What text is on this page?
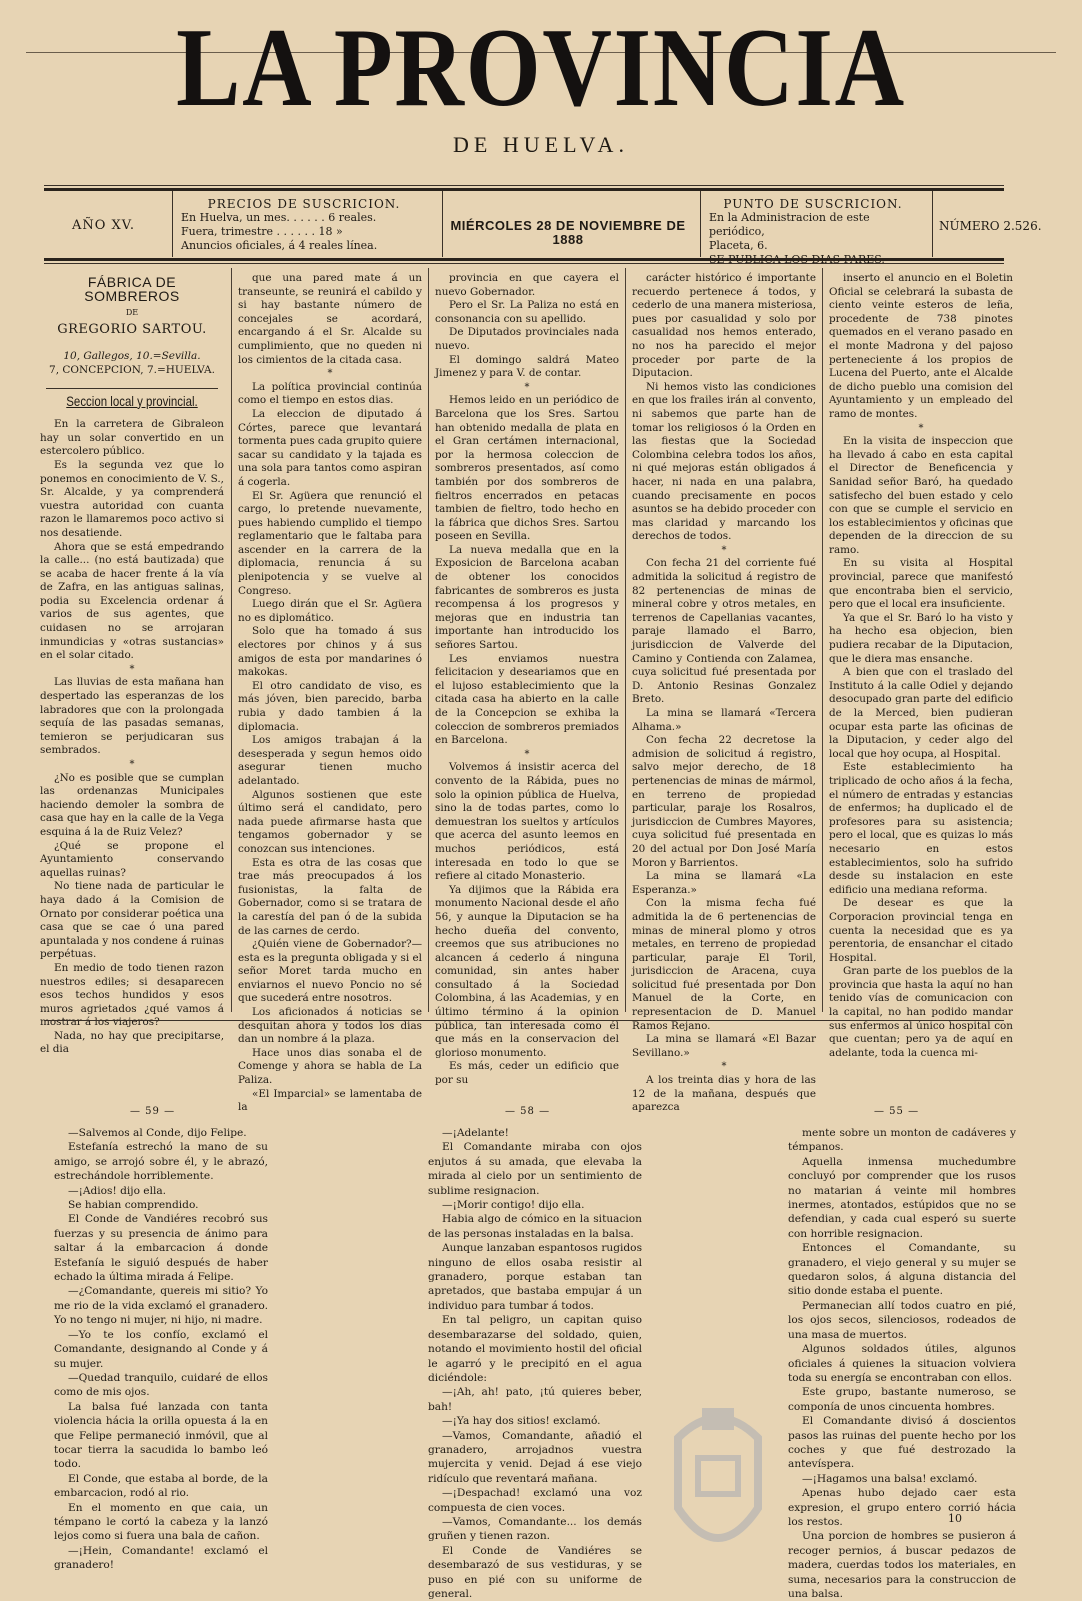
LA PROVINCIA
DE HUELVA.
AÑO XV.
PRECIOS DE SUSCRICION.
En Huelva, un mes. . . . . . 6 reales.
Fuera, trimestre . . . . . . 18 »
Anuncios oficiales, á 4 reales línea.
MIÉRCOLES 28 DE NOVIEMBRE DE 1888
PUNTO DE SUSCRICION.
En la Administracion de este periódico,
Placeta, 6.
SE PUBLICA LOS DIAS PARES.
NÚMERO 2.526.
FÁBRICA DE SOMBREROS
DE
GREGORIO SARTOU.
10, Gallegos, 10.=Sevilla.
7, CONCEPCION, 7.=HUELVA.
Seccion local y provincial.

En la carretera de Gibraleon hay un solar convertido en un estercolero público.

Es la segunda vez que lo ponemos en conocimiento de V. S., Sr. Alcalde, y ya comprenderá vuestra autoridad con cuanta razon le llamaremos poco activo si nos desatiende.

Ahora que se está empedrando la calle... (no está bautizada) que se acaba de hacer frente á la vía de Zafra, en las antiguas salinas, podia su Excelencia ordenar á varios de sus agentes, que cuidasen no se arrojaran inmundicias y «otras sustancias» en el solar citado.

*

Las lluvias de esta mañana han despertado las esperanzas de los labradores que con la prolongada sequía de las pasadas semanas, temieron se perjudicaran sus sembrados.

*

¿No es posible que se cumplan las ordenanzas Municipales haciendo demoler la sombra de casa que hay en la calle de la Vega esquina á la de Ruiz Velez?

¿Qué se propone el Ayuntamiento conservando aquellas ruinas?

No tiene nada de particular le haya dado á la Comision de Ornato por considerar poética una casa que se cae ó una pared apuntalada y nos condene á ruinas perpétuas.

En medio de todo tienen razon nuestros ediles; si desaparecen esos techos hundidos y esos muros agrietados ¿qué vamos á mostrar á los viajeros?

Nada, no hay que precipitarse, el dia

que una pared mate á un transeunte, se reunirá el cabildo y si hay bastante número de concejales se acordará, encargando á el Sr. Alcalde su cumplimiento, que no queden ni los cimientos de la citada casa.

*

La política provincial continúa como el tiempo en estos dias.

La eleccion de diputado á Córtes, parece que levantará tormenta pues cada grupito quiere sacar su candidato y la tajada es una sola para tantos como aspiran á cogerla.

El Sr. Agüera que renunció el cargo, lo pretende nuevamente, pues habiendo cumplido el tiempo reglamentario que le faltaba para ascender en la carrera de la diplomacia, renuncia á su plenipotencia y se vuelve al Congreso.

Luego dirán que el Sr. Agüera no es diplomático.

Solo que ha tomado á sus electores por chinos y á sus amigos de esta por mandarines ó makokas.

El otro candidato de viso, es más jóven, bien parecido, barba rubia y dado tambien á la diplomacia.

Los amigos trabajan á la desesperada y segun hemos oido asegurar tienen mucho adelantado.

Algunos sostienen que este último será el candidato, pero nada puede afirmarse hasta que tengamos gobernador y se conozcan sus intenciones.

Esta es otra de las cosas que trae más preocupados á los fusionistas, la falta de Gobernador, como si se tratara de la carestía del pan ó de la subida de las carnes de cerdo.

¿Quién viene de Gobernador?—esta es la pregunta obligada y si el señor Moret tarda mucho en enviarnos el nuevo Poncio no sé que sucederá entre nosotros.

Los aficionados á noticias se desquitan ahora y todos los dias dan un nombre á la plaza.

Hace unos dias sonaba el de Comenge y ahora se habla de La Paliza.

«El Imparcial» se lamentaba de la

provincia en que cayera el nuevo Gobernador.

Pero el Sr. La Paliza no está en consonancia con su apellido.

De Diputados provinciales nada nuevo.

El domingo saldrá Mateo Jimenez y para V. de contar.

*

Hemos leido en un periódico de Barcelona que los Sres. Sartou han obtenido medalla de plata en el Gran certámen internacional, por la hermosa coleccion de sombreros presentados, así como también por dos sombreros de fieltros encerrados en petacas tambien de fieltro, todo hecho en la fábrica que dichos Sres. Sartou poseen en Sevilla.

La nueva medalla que en la Exposicion de Barcelona acaban de obtener los conocidos fabricantes de sombreros es justa recompensa á los progresos y mejoras que en industria tan importante han introducido los señores Sartou.

Les enviamos nuestra felicitacion y deseariamos que en el lujoso establecimiento que la citada casa ha abierto en la calle de la Concepcion se exhiba la coleccion de sombreros premiados en Barcelona.

*

Volvemos á insistir acerca del convento de la Rábida, pues no solo la opinion pública de Huelva, sino la de todas partes, como lo demuestran los sueltos y artículos que acerca del asunto leemos en muchos periódicos, está interesada en todo lo que se refiere al citado Monasterio.

Ya dijimos que la Rábida era monumento Nacional desde el año 56, y aunque la Diputacion se ha hecho dueña del convento, creemos que sus atribuciones no alcancen á cederlo á ninguna comunidad, sin antes haber consultado á la Sociedad Colombina, á las Academias, y en último término á la opinion pública, tan interesada como él que más en la conservacion del glorioso monumento.

Es más, ceder un edificio que por su

carácter histórico é importante recuerdo pertenece á todos, y cederlo de una manera misteriosa, pues por casualidad y solo por casualidad nos hemos enterado, no nos ha parecido el mejor proceder por parte de la Diputacion.

Ni hemos visto las condiciones en que los frailes irán al convento, ni sabemos que parte han de tomar los religiosos ó la Orden en las fiestas que la Sociedad Colombina celebra todos los años, ni qué mejoras están obligados á hacer, ni nada en una palabra, cuando precisamente en pocos asuntos se ha debido proceder con mas claridad y marcando los derechos de todos.

*

Con fecha 21 del corriente fué admitida la solicitud á registro de 82 pertenencias de minas de mineral cobre y otros metales, en terrenos de Capellanias vacantes, paraje llamado el Barro, jurisdiccion de Valverde del Camino y Contienda con Zalamea, cuya solicitud fué presentada por D. Antonio Resinas Gonzalez Breto.

La mina se llamará «Tercera Alhama.»

Con fecha 22 decretose la admision de solicitud á registro, salvo mejor derecho, de 18 pertenencias de minas de mármol, en terreno de propiedad particular, paraje los Rosalros, jurisdiccion de Cumbres Mayores, cuya solicitud fué presentada en 20 del actual por Don José María Moron y Barrientos.

La mina se llamará «La Esperanza.»

Con la misma fecha fué admitida la de 6 pertenencias de minas de mineral plomo y otros metales, en terreno de propiedad particular, paraje El Toril, jurisdiccion de Aracena, cuya solicitud fué presentada por Don Manuel de la Corte, en representacion de D. Manuel Ramos Rejano.

La mina se llamará «El Bazar Sevillano.»

*

A los treinta dias y hora de las 12 de la mañana, después que aparezca

inserto el anuncio en el Boletin Oficial se celebrará la subasta de ciento veinte esteros de leña, procedente de 738 pinotes quemados en el verano pasado en el monte Madrona y del pajoso perteneciente á los propios de Lucena del Puerto, ante el Alcalde de dicho pueblo una comision del Ayuntamiento y un empleado del ramo de montes.

*

En la visita de inspeccion que ha llevado á cabo en esta capital el Director de Beneficencia y Sanidad señor Baró, ha quedado satisfecho del buen estado y celo con que se cumple el servicio en los establecimientos y oficinas que dependen de la direccion de su ramo.

En su visita al Hospital provincial, parece que manifestó que encontraba bien el servicio, pero que el local era insuficiente.

Ya que el Sr. Baró lo ha visto y ha hecho esa objecion, bien pudiera recabar de la Diputacion, que le diera mas ensanche.

A bien que con el traslado del Instituto á la calle Odiel y dejando desocupado gran parte del edificio de la Merced, bien pudieran ocupar esta parte las oficinas de la Diputacion, y ceder algo del local que hoy ocupa, al Hospital.

Este establecimiento ha triplicado de ocho años á la fecha, el número de entradas y estancias de enfermos; ha duplicado el de profesores para su asistencia; pero el local, que es quizas lo más necesario en estos establecimientos, solo ha sufrido desde su instalacion en este edificio una mediana reforma.

De desear es que la Corporacion provincial tenga en cuenta la necesidad que es ya perentoria, de ensanchar el citado Hospital.

Gran parte de los pueblos de la provincia que hasta la aquí no han tenido vías de comunicacion con la capital, no han podido mandar sus enfermos al único hospital con que cuentan; pero ya de aquí en adelante, toda la cuenca mi-

— 59 —	— 58 —	— 55 —

—Salvemos al Conde, dijo Felipe.

Estefanía estrechó la mano de su amigo, se arrojó sobre él, y le abrazó, estrechándole horriblemente.

—¡Adios! dijo ella.

Se habian comprendido.

El Conde de Vandiéres recobró sus fuerzas y su presencia de ánimo para saltar á la embarcacion á donde Estefanía le siguió después de haber echado la última mirada á Felipe.

—¿Comandante, quereis mi sitio? Yo me rio de la vida exclamó el granadero. Yo no tengo ni mujer, ni hijo, ni madre.

—Yo te los confío, exclamó el Comandante, designando al Conde y á su mujer.

—Quedad tranquilo, cuidaré de ellos como de mis ojos.

La balsa fué lanzada con tanta violencia hácia la orilla opuesta á la en que Felipe permaneció inmóvil, que al tocar tierra la sacudida lo bambo leó todo.

El Conde, que estaba al borde, de la embarcacion, rodó al rio.

En el momento en que caia, un témpano le cortó la cabeza y la lanzó lejos como si fuera una bala de cañon.

—¡Hein, Comandante! exclamó el granadero!

—¡Adelante!

El Comandante miraba con ojos enjutos á su amada, que elevaba la mirada al cielo por un sentimiento de sublime resignacion.

—¡Morir contigo! dijo ella.

Habia algo de cómico en la situacion de las personas instaladas en la balsa.

Aunque lanzaban espantosos rugidos ninguno de ellos osaba resistir al granadero, porque estaban tan apretados, que bastaba empujar á un individuo para tumbar á todos.

En tal peligro, un capitan quiso desembarazarse del soldado, quien, notando el movimiento hostil del oficial le agarró y le precipitó en el agua diciéndole:

—¡Ah, ah! pato, ¡tú quieres beber, bah!

—¡Ya hay dos sitios! exclamó.

—Vamos, Comandante, añadió el granadero, arrojadnos vuestra mujercita y venid. Dejad á ese viejo ridículo que reventará mañana.

—¡Despachad! exclamó una voz compuesta de cien voces.

—Vamos, Comandante... los demás gruñen y tienen razon.

El Conde de Vandiéres se desembarazó de sus vestiduras, y se puso en pié con su uniforme de general.

mente sobre un monton de cadáveres y témpanos.

Aquella inmensa muchedumbre concluyó por comprender que los rusos no matarian á veinte mil hombres inermes, atontados, estúpidos que no se defendian, y cada cual esperó su suerte con horrible resignacion.

Entonces el Comandante, su granadero, el viejo general y su mujer se quedaron solos, á alguna distancia del sitio donde estaba el puente.

Permanecian allí todos cuatro en pié, los ojos secos, silenciosos, rodeados de una masa de muertos.

Algunos soldados útiles, algunos oficiales á quienes la situacion volviera toda su energía se encontraban con ellos.

Este grupo, bastante numeroso, se componía de unos cincuenta hombres.

El Comandante divisó á doscientos pasos las ruinas del puente hecho por los coches y que fué destrozado la antevíspera.

—¡Hagamos una balsa! exclamó.

Apenas hubo dejado caer esta expresion, el grupo entero corrió hácia los restos.

Una porcion de hombres se pusieron á recoger pernios, á buscar pedazos de madera, cuerdas todos los materiales, en suma, necesarios para la construccion de una balsa.

10
